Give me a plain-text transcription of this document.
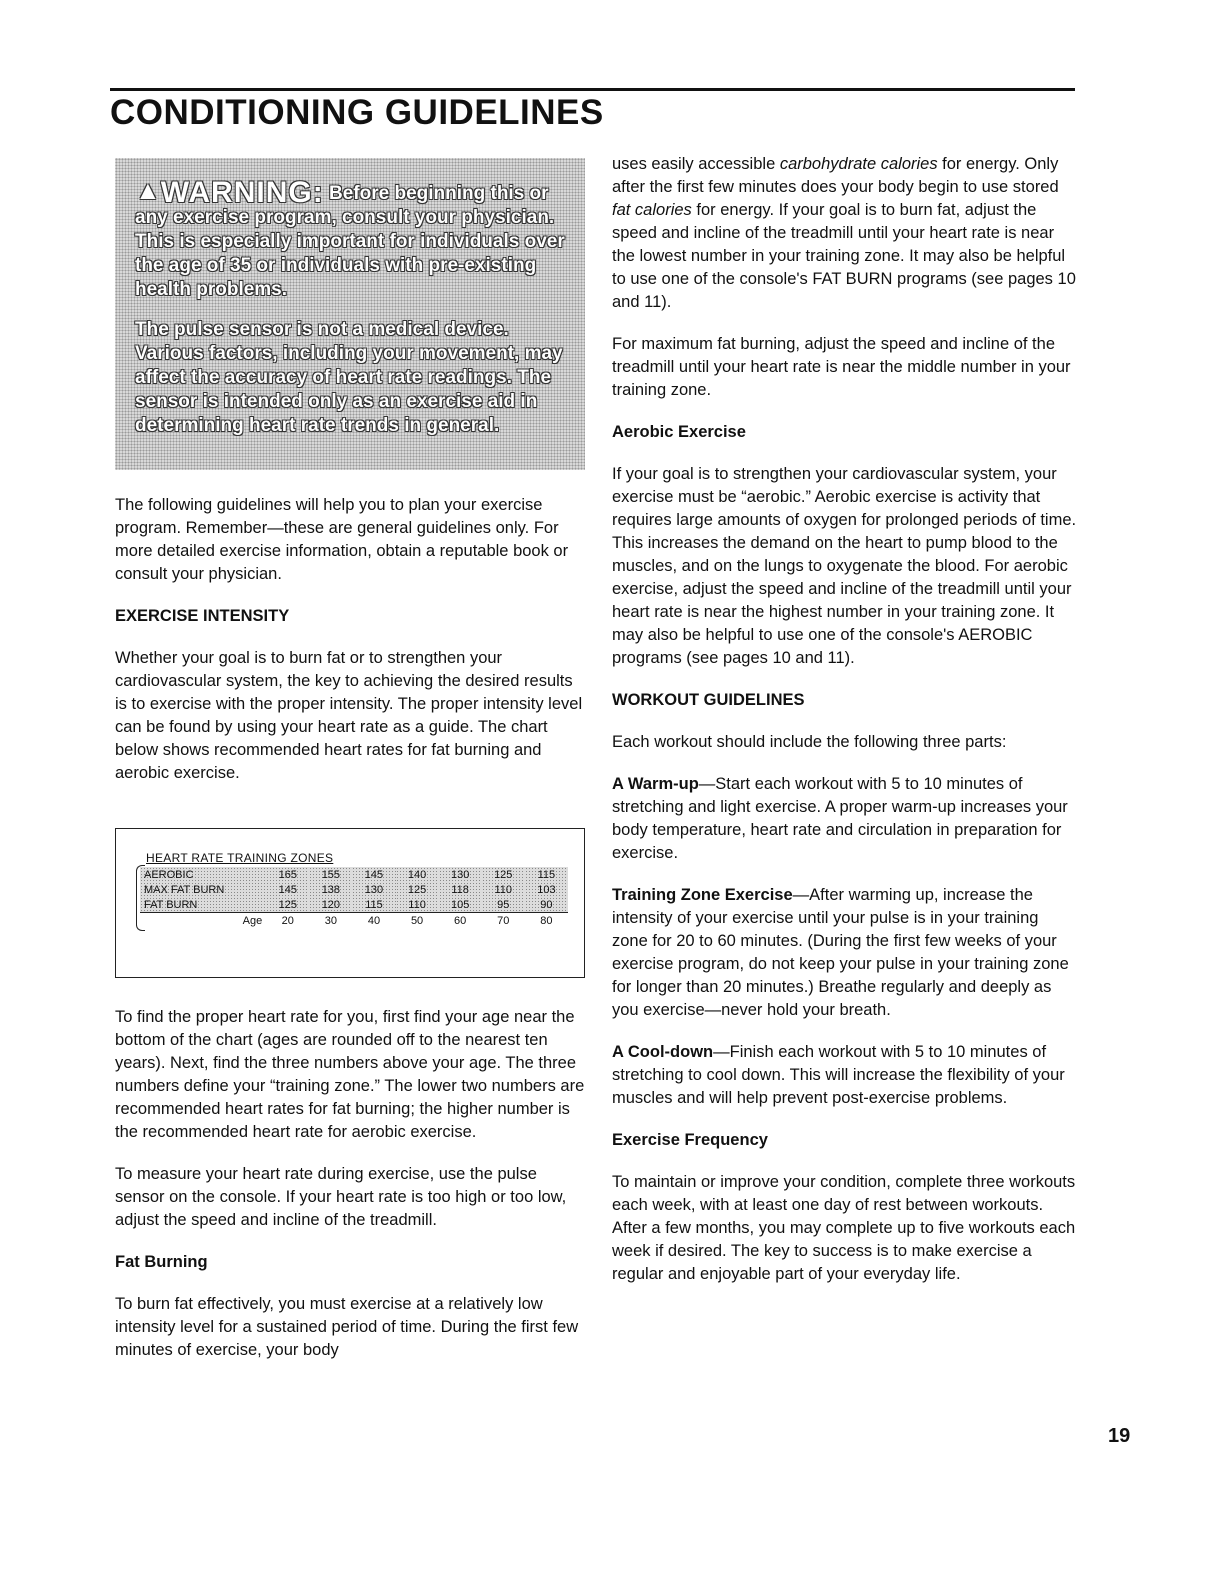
CONDITIONING GUIDELINES

▲WARNING: Before beginning this or any exercise program, consult your physician. This is especially important for individuals over the age of 35 or individuals with pre-existing health problems.

The pulse sensor is not a medical device. Various factors, including your movement, may affect the accuracy of heart rate readings. The sensor is intended only as an exercise aid in determining heart rate trends in general.

The following guidelines will help you to plan your exercise program. Remember—these are general guidelines only. For more detailed exercise information, obtain a reputable book or consult your physician.

EXERCISE INTENSITY

Whether your goal is to burn fat or to strengthen your cardiovascular system, the key to achieving the desired results is to exercise with the proper intensity. The proper intensity level can be found by using your heart rate as a guide. The chart below shows recommended heart rates for fat burning and aerobic exercise.

HEART RATE TRAINING ZONES
AEROBIC	165	155	145	140	130	125	115
MAX FAT BURN	145	138	130	125	118	110	103
FAT BURN	125	120	115	110	105	95	90
Age	20	30	40	50	60	70	80

To find the proper heart rate for you, first find your age near the bottom of the chart (ages are rounded off to the nearest ten years). Next, find the three numbers above your age. The three numbers define your “training zone.” The lower two numbers are recommended heart rates for fat burning; the higher number is the recommended heart rate for aerobic exercise.

To measure your heart rate during exercise, use the pulse sensor on the console. If your heart rate is too high or too low, adjust the speed and incline of the treadmill.

Fat Burning

To burn fat effectively, you must exercise at a relatively low intensity level for a sustained period of time. During the first few minutes of exercise, your body

uses easily accessible carbohydrate calories for energy. Only after the first few minutes does your body begin to use stored fat calories for energy. If your goal is to burn fat, adjust the speed and incline of the treadmill until your heart rate is near the lowest number in your training zone. It may also be helpful to use one of the console's FAT BURN programs (see pages 10 and 11).

For maximum fat burning, adjust the speed and incline of the treadmill until your heart rate is near the middle number in your training zone.

Aerobic Exercise

If your goal is to strengthen your cardiovascular system, your exercise must be “aerobic.” Aerobic exercise is activity that requires large amounts of oxygen for prolonged periods of time. This increases the demand on the heart to pump blood to the muscles, and on the lungs to oxygenate the blood. For aerobic exercise, adjust the speed and incline of the treadmill until your heart rate is near the highest number in your training zone. It may also be helpful to use one of the console's AEROBIC programs (see pages 10 and 11).

WORKOUT GUIDELINES

Each workout should include the following three parts:

A Warm-up—Start each workout with 5 to 10 minutes of stretching and light exercise. A proper warm-up increases your body temperature, heart rate and circulation in preparation for exercise.

Training Zone Exercise—After warming up, increase the intensity of your exercise until your pulse is in your training zone for 20 to 60 minutes. (During the first few weeks of your exercise program, do not keep your pulse in your training zone for longer than 20 minutes.) Breathe regularly and deeply as you exercise—never hold your breath.

A Cool-down—Finish each workout with 5 to 10 minutes of stretching to cool down. This will increase the flexibility of your muscles and will help prevent post-exercise problems.

Exercise Frequency

To maintain or improve your condition, complete three workouts each week, with at least one day of rest between workouts. After a few months, you may complete up to five workouts each week if desired. The key to success is to make exercise a regular and enjoyable part of your everyday life.

19
